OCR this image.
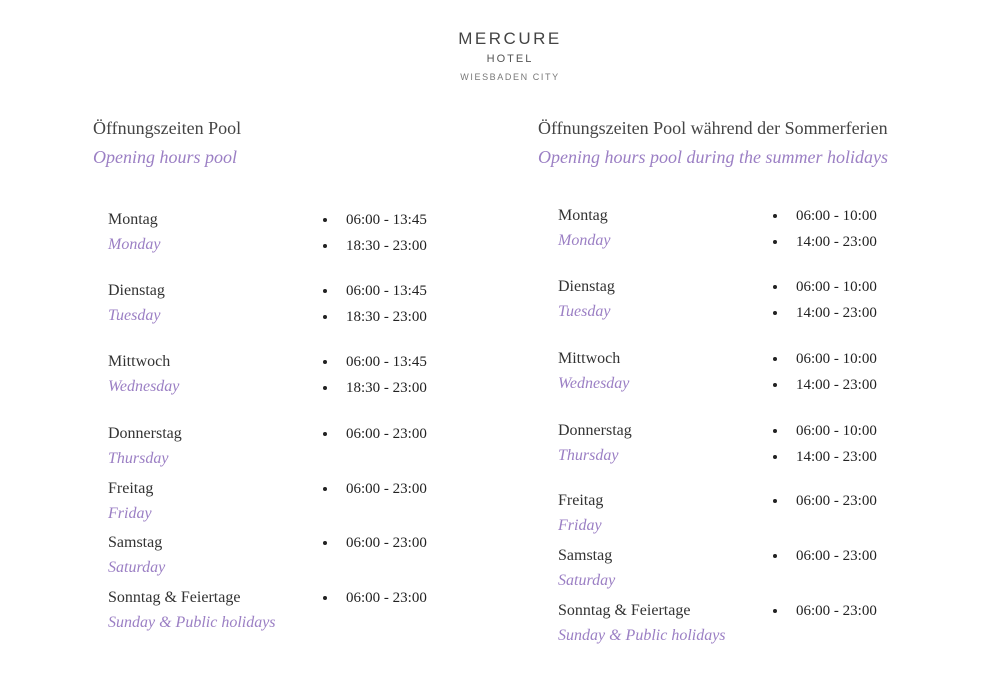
MERCURE
HOTEL
WIESBADEN CITY
Öffnungszeiten Pool
Opening hours pool
Montag
Monday
06:00 - 13:45
18:30 - 23:00
Dienstag
Tuesday
06:00 - 13:45
18:30 - 23:00
Mittwoch
Wednesday
06:00 - 13:45
18:30 - 23:00
Donnerstag
Thursday
06:00 - 23:00
Freitag
Friday
06:00 - 23:00
Samstag
Saturday
06:00 - 23:00
Sonntag & Feiertage
Sunday & Public holidays
06:00 - 23:00
Öffnungszeiten Pool während der Sommerferien
Opening hours pool during the summer holidays
Montag
Monday
06:00 - 10:00
14:00 - 23:00
Dienstag
Tuesday
06:00 - 10:00
14:00 - 23:00
Mittwoch
Wednesday
06:00 - 10:00
14:00 - 23:00
Donnerstag
Thursday
06:00 - 10:00
14:00 - 23:00
Freitag
Friday
06:00 - 23:00
Samstag
Saturday
06:00 - 23:00
Sonntag & Feiertage
Sunday & Public holidays
06:00 - 23:00
